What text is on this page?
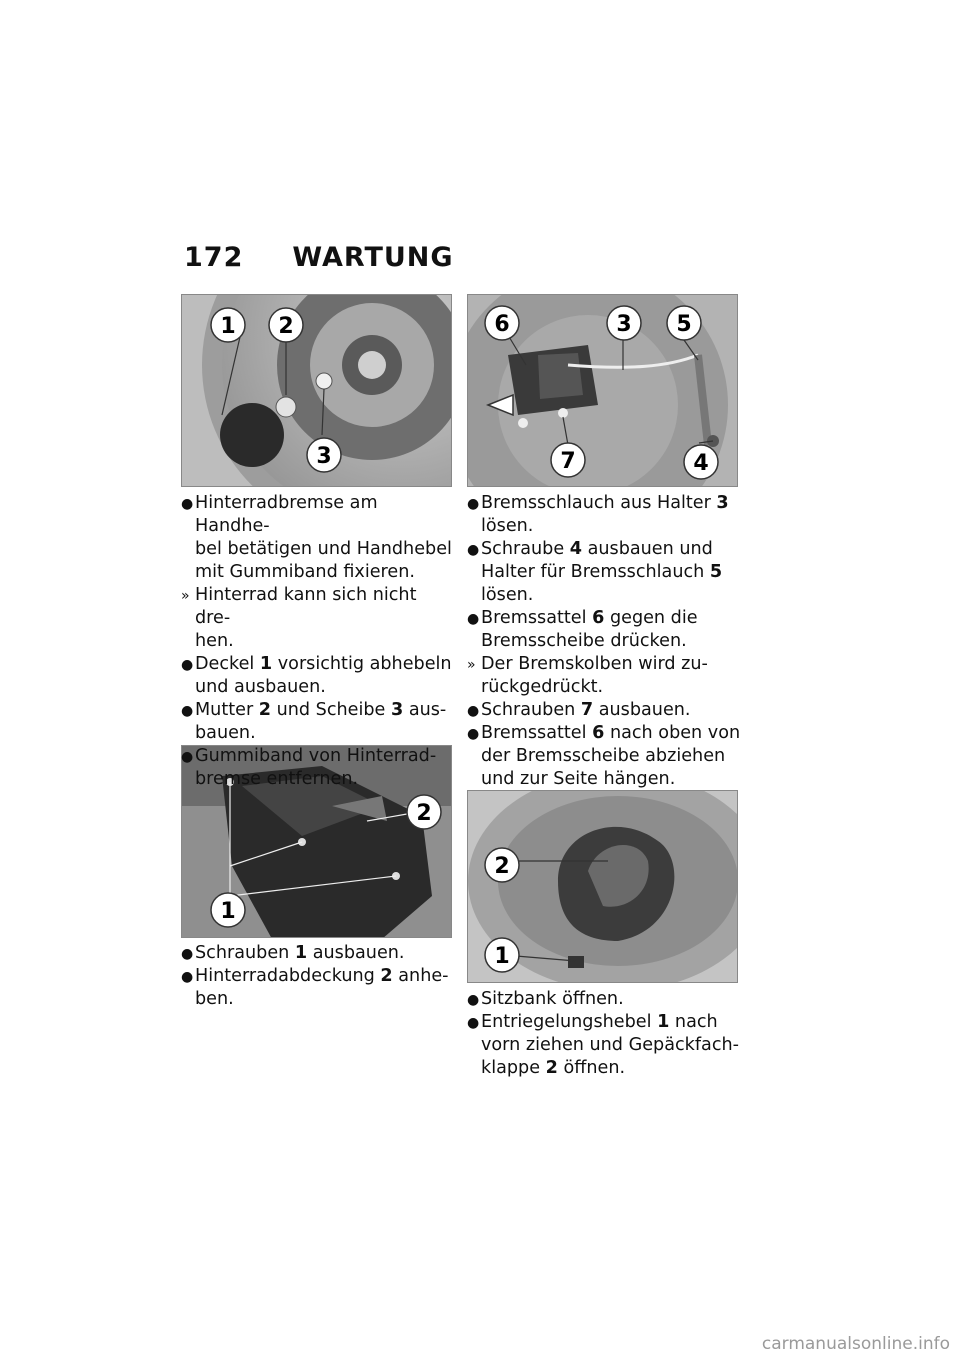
172 WARTUNG
1 2
3
2
1
6	3 5
7	4
2
1
● Hinterradbremse am Handhe-
bel betätigen und Handhebel
mit Gummiband fixieren.
» Hinterrad kann sich nicht dre-
hen.
● Deckel 1 vorsichtig abhebeln
und ausbauen.
● Mutter 2 und Scheibe 3 aus-
bauen.
● Gummiband von Hinterrad-
bremse entfernen.
● Schrauben 1 ausbauen.
● Hinterradabdeckung 2 anhe-
ben.
● Bremsschlauch aus Halter 3
lösen.
● Schraube 4 ausbauen und
Halter für Bremsschlauch 5
lösen.
● Bremssattel 6 gegen die
Bremsscheibe drücken.
» Der Bremskolben wird zu-
rückgedrückt.
● Schrauben 7 ausbauen.
● Bremssattel 6 nach oben von
der Bremsscheibe abziehen
und zur Seite hängen.
● Sitzbank öffnen.
● Entriegelungshebel 1 nach
vorn ziehen und Gepäckfach-
klappe 2 öffnen.
carmanualsonline.info
